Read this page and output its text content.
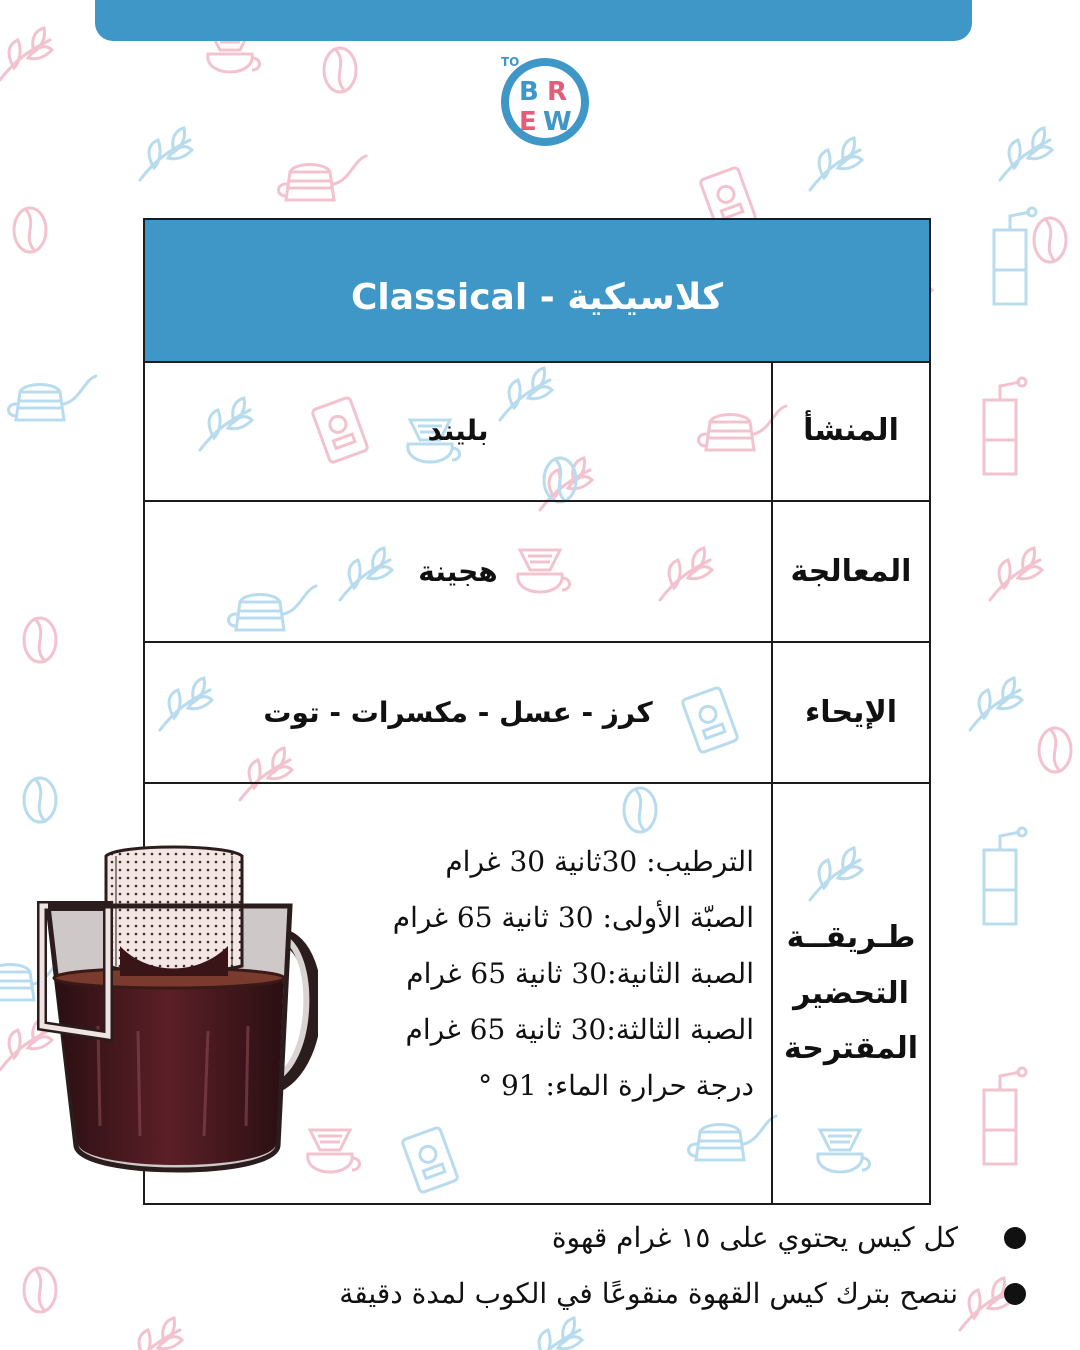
TO
B R
E W
Classical - كلاسيكية
المنشأ
بليند
المعالجة
هجينة
الإيحاء
كرز - عسل - مكسرات - توت
طـريقــة
التحضير
المقترحة
الترطيب: 30ثانية 30 غرام
الصبّة الأولى: 30 ثانية 65 غرام
الصبة الثانية:30 ثانية 65 غرام
الصبة الثالثة:30 ثانية 65 غرام
درجة حرارة الماء: 91 °
كل كيس يحتوي على ١٥ غرام قهوة
ننصح بترك كيس القهوة منقوعًا في الكوب لمدة دقيقة
